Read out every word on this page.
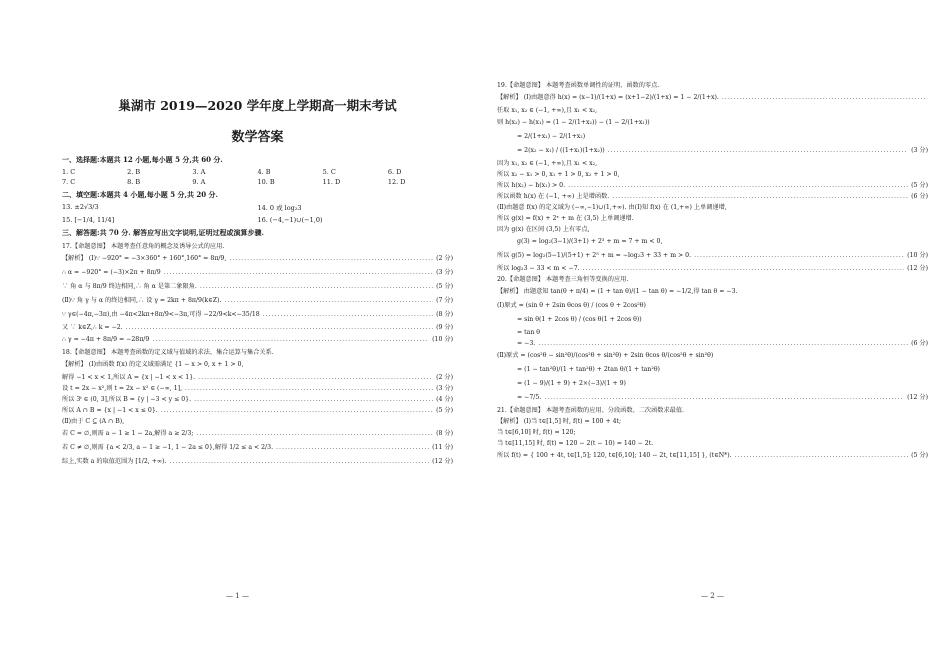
巢湖市 2019—2020 学年度上学期高一期末考试
数学答案
一、选择题:本题共 12 小题,每小题 5 分,共 60 分.
1. C	2. B	3. A	4. B	5. C	6. D
7. C	8. B	9. A	10. B	11. D	12. D
二、填空题:本题共 4 小题,每小题 5 分,共 20 分.
13. ±2√3/3	14. 0 或 log₂3
15. [−1/4, 11/4]	16. (−4,−1)∪(−1,0)
三、解答题:共 70 分. 解答应写出文字说明,证明过程或演算步骤.
17.【命题意图】 本题考查任意角的概念及诱导公式的应用.
【解析】 (Ⅰ)∵ −920° = −3×360° + 160°,160° = 8π/9, .....	(2 分)
∴ α = −920° = (−3)×2π + 8π/9 .....	(3 分)
∵ 角 α 与 8π/9 终边相同,∴ 角 α 是第二象限角. .....	(5 分)
(Ⅱ)∵ 角 γ 与 α 的终边相同,∴ 设 γ = 2kπ + 8π/9(k∈Z). .....	(7 分)
∵ γ∈(−4π,−3π),由 −4π<2kπ+8π/9<−3π,可得 −22/9<k<−35/18 .....	(8 分)
又 ∵ k∈Z,∴ k = −2. .....	(9 分)
∴ γ = −4π + 8π/9 = −28π/9 .....	(10 分)
18.【命题意图】 本题考查函数的定义域与值域的求法、集合运算与集合关系.
【解析】 (Ⅰ)由函数 f(x) 的定义域需满足 {1 − x > 0, x + 1 > 0,
解得 −1 < x < 1,所以 A = {x | −1 < x < 1}. .....	(2 分)
设 t = 2x − x²,则 t = 2x − x² ∈ (−∞, 1], .....	(3 分)
所以 3ᵗ ∈ (0, 3],所以 B = {y | −3 < y ≤ 0}. .....	(4 分)
所以 A ∩ B = {x | −1 < x ≤ 0}. .....	(5 分)
(Ⅱ)由于 C ⊆ (A ∩ B),
若 C = ∅,则需 a − 1 ≥ 1 − 2a,解得 a ≥ 2/3; .....	(8 分)
若 C ≠ ∅,则需 {a < 2/3, a − 1 ≥ −1, 1 − 2a ≤ 0},解得 1/2 ≤ a < 2/3. .....	(11 分)
综上,实数 a 的取值范围为 [1/2, +∞). .....	(12 分)
— 1 —
19.【命题意图】 本题考查函数单调性的证明、函数的零点.
【解析】 (Ⅰ)由题意得 h(x) = (x−1)/(1+x) = (x+1−2)/(1+x) = 1 − 2/(1+x).
.....
任取 x₁, x₂ ∈ (−1, +∞),且 x₁ < x₂,
则 h(x₂) − h(x₁) = (1 − 2/(1+x₂)) − (1 − 2/(1+x₁))
= 2/(1+x₁) − 2/(1+x₂)
= 2(x₂ − x₁) / ((1+x₁)(1+x₂)) .....	(3 分)
因为 x₁, x₂ ∈ (−1, +∞),且 x₁ < x₂,
所以 x₂ − x₁ > 0, x₁ + 1 > 0, x₂ + 1 > 0,
所以 h(x₂) − h(x₁) > 0. .....	(5 分)
所以函数 h(x) 在 (−1, +∞) 上是增函数. .....	(6 分)
(Ⅱ)由题意 f(x) 的定义域为 (−∞,−1)∪(1,+∞). 由(Ⅰ)知 f(x) 在 (1,+∞) 上单调递增,
所以 g(x) = f(x) + 2ˣ + m 在 (3,5) 上单调递增.
因为 g(x) 在区间 (3,5) 上有零点,
g(3) = log₂(3−1)/(3+1) + 2³ + m = 7 + m < 0,
所以 g(5) = log₂(5−1)/(5+1) + 2⁵ + m = −log₂3 + 33 + m > 0. .....	(10 分)
所以 log₂3 − 33 < m < −7. .....	(12 分)
20.【命题意图】 本题考查三角恒等变换的应用.
【解析】 由题意知 tan(θ + π/4) = (1 + tan θ)/(1 − tan θ) = −1/2,得 tan θ = −3.
(Ⅰ)原式 = (sin θ + 2sin θcos θ) / (cos θ + 2cos²θ)
= sin θ(1 + 2cos θ) / (cos θ(1 + 2cos θ))
= tan θ
= −3. .....	(6 分)
(Ⅱ)原式 = (cos²θ − sin²θ)/(cos²θ + sin²θ) + 2sin θcos θ/(cos²θ + sin²θ)
= (1 − tan²θ)/(1 + tan²θ) + 2tan θ/(1 + tan²θ)
= (1 − 9)/(1 + 9) + 2×(−3)/(1 + 9)
= −7/5. .....	(12 分)
21.【命题意图】 本题考查函数的应用、分段函数、二次函数求最值.
【解析】 (Ⅰ)当 t∈[1,5] 时, f(t) = 100 + 4t;
当 t∈[6,10] 时, f(t) = 120;
当 t∈[11,15] 时, f(t) = 120 − 2(t − 10) = 140 − 2t.
所以 f(t) = { 100 + 4t, t∈[1,5]; 120, t∈[6,10]; 140 − 2t, t∈[11,15] }, (t∈N*). .....	(5 分)
— 2 —
